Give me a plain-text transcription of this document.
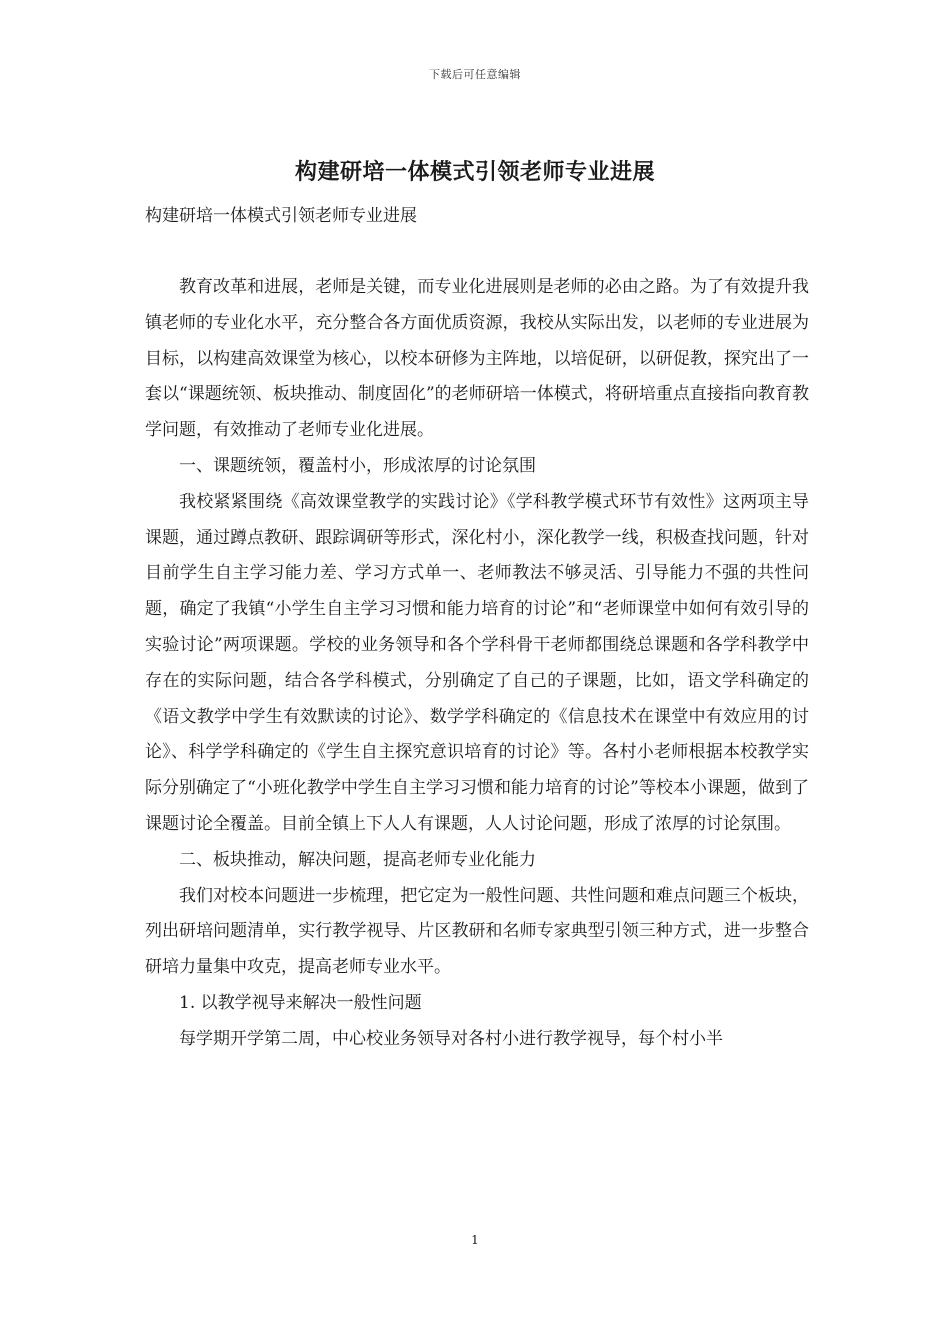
下载后可任意编辑
构建研培一体模式引领老师专业进展
构建研培一体模式引领老师专业进展

教育改革和进展，老师是关键，而专业化进展则是老师的必由之路。为了有效提升我镇老师的专业化水平，充分整合各方面优质资源，我校从实际出发，以老师的专业进展为目标，以构建高效课堂为核心，以校本研修为主阵地，以培促研，以研促教，探究出了一套以“课题统领、板块推动、制度固化”的老师研培一体模式，将研培重点直接指向教育教学问题，有效推动了老师专业化进展。

一、课题统领，覆盖村小，形成浓厚的讨论氛围

我校紧紧围绕《高效课堂教学的实践讨论》《学科教学模式环节有效性》这两项主导课题，通过蹲点教研、跟踪调研等形式，深化村小，深化教学一线，积极查找问题，针对目前学生自主学习能力差、学习方式单一、老师教法不够灵活、引导能力不强的共性问题，确定了我镇“小学生自主学习习惯和能力培育的讨论”和“老师课堂中如何有效引导的实验讨论”两项课题。学校的业务领导和各个学科骨干老师都围绕总课题和各学科教学中存在的实际问题，结合各学科模式，分别确定了自己的子课题，比如，语文学科确定的《语文教学中学生有效默读的讨论》、数学学科确定的《信息技术在课堂中有效应用的讨论》、科学学科确定的《学生自主探究意识培育的讨论》等。各村小老师根据本校教学实际分别确定了“小班化教学中学生自主学习习惯和能力培育的讨论”等校本小课题，做到了课题讨论全覆盖。目前全镇上下人人有课题，人人讨论问题，形成了浓厚的讨论氛围。

二、板块推动，解决问题，提高老师专业化能力

我们对校本问题进一步梳理，把它定为一般性问题、共性问题和难点问题三个板块，列出研培问题清单，实行教学视导、片区教研和名师专家典型引领三种方式，进一步整合研培力量集中攻克，提高老师专业水平。

1. 以教学视导来解决一般性问题

每学期开学第二周，中心校业务领导对各村小进行教学视导，每个村小半

1
